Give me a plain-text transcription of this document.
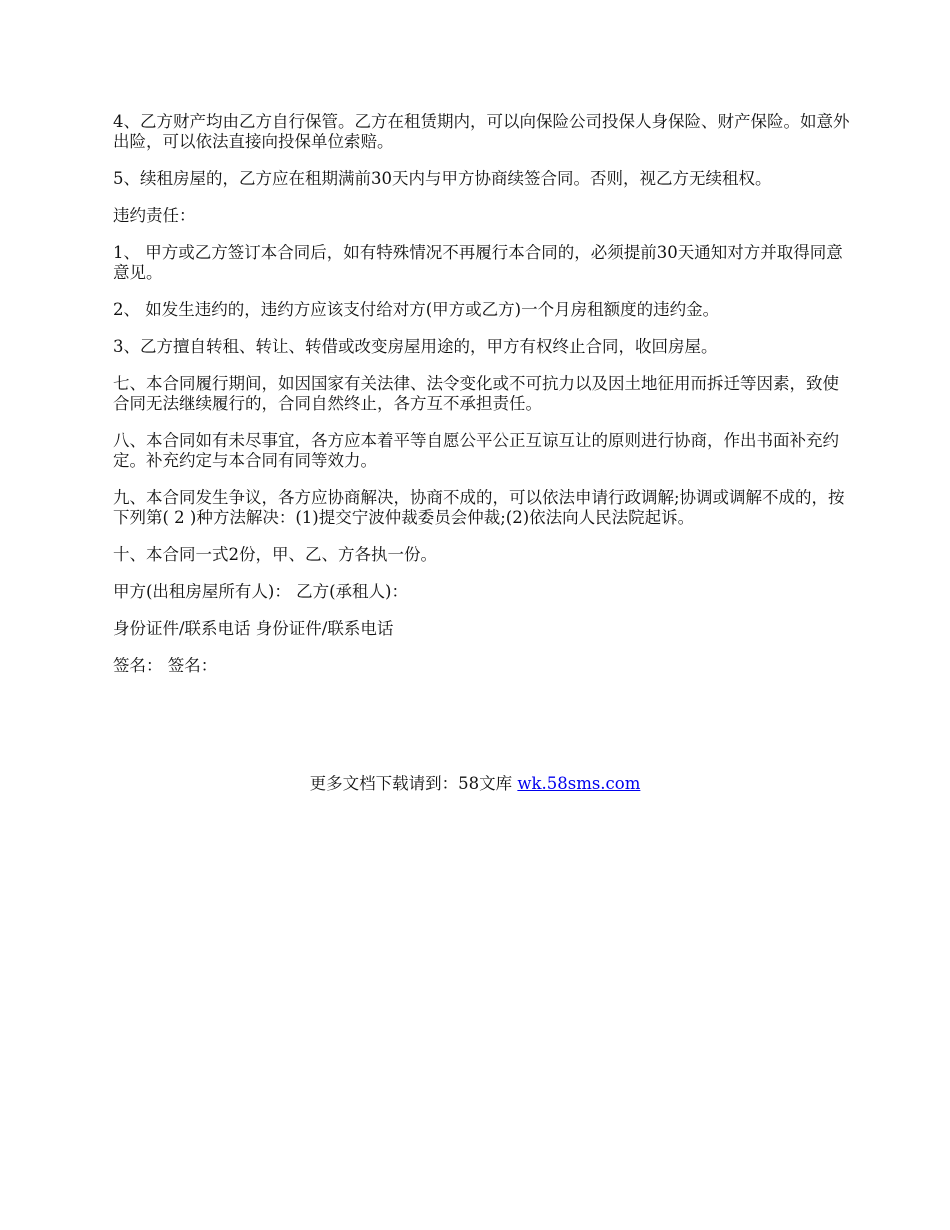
4、乙方财产均由乙方自行保管。乙方在租赁期内，可以向保险公司投保人身保险、财产保险。如意外出险，可以依法直接向投保单位索赔。

5、续租房屋的，乙方应在租期满前30天内与甲方协商续签合同。否则，视乙方无续租权。

违约责任：

1、 甲方或乙方签订本合同后，如有特殊情况不再履行本合同的，必须提前30天通知对方并取得同意意见。

2、 如发生违约的，违约方应该支付给对方(甲方或乙方)一个月房租额度的违约金。

3、乙方擅自转租、转让、转借或改变房屋用途的，甲方有权终止合同，收回房屋。

七、本合同履行期间，如因国家有关法律、法令变化或不可抗力以及因土地征用而拆迁等因素，致使合同无法继续履行的，合同自然终止，各方互不承担责任。

八、本合同如有未尽事宜，各方应本着平等自愿公平公正互谅互让的原则进行协商，作出书面补充约定。补充约定与本合同有同等效力。

九、本合同发生争议，各方应协商解决，协商不成的，可以依法申请行政调解;协调或调解不成的，按下列第( 2 )种方法解决：(1)提交宁波仲裁委员会仲裁;(2)依法向人民法院起诉。

十、本合同一式2份，甲、乙、方各执一份。

甲方(出租房屋所有人)： 乙方(承租人)：

身份证件/联系电话 身份证件/联系电话

签名： 签名：

更多文档下载请到：58文库 wk.58sms.com
